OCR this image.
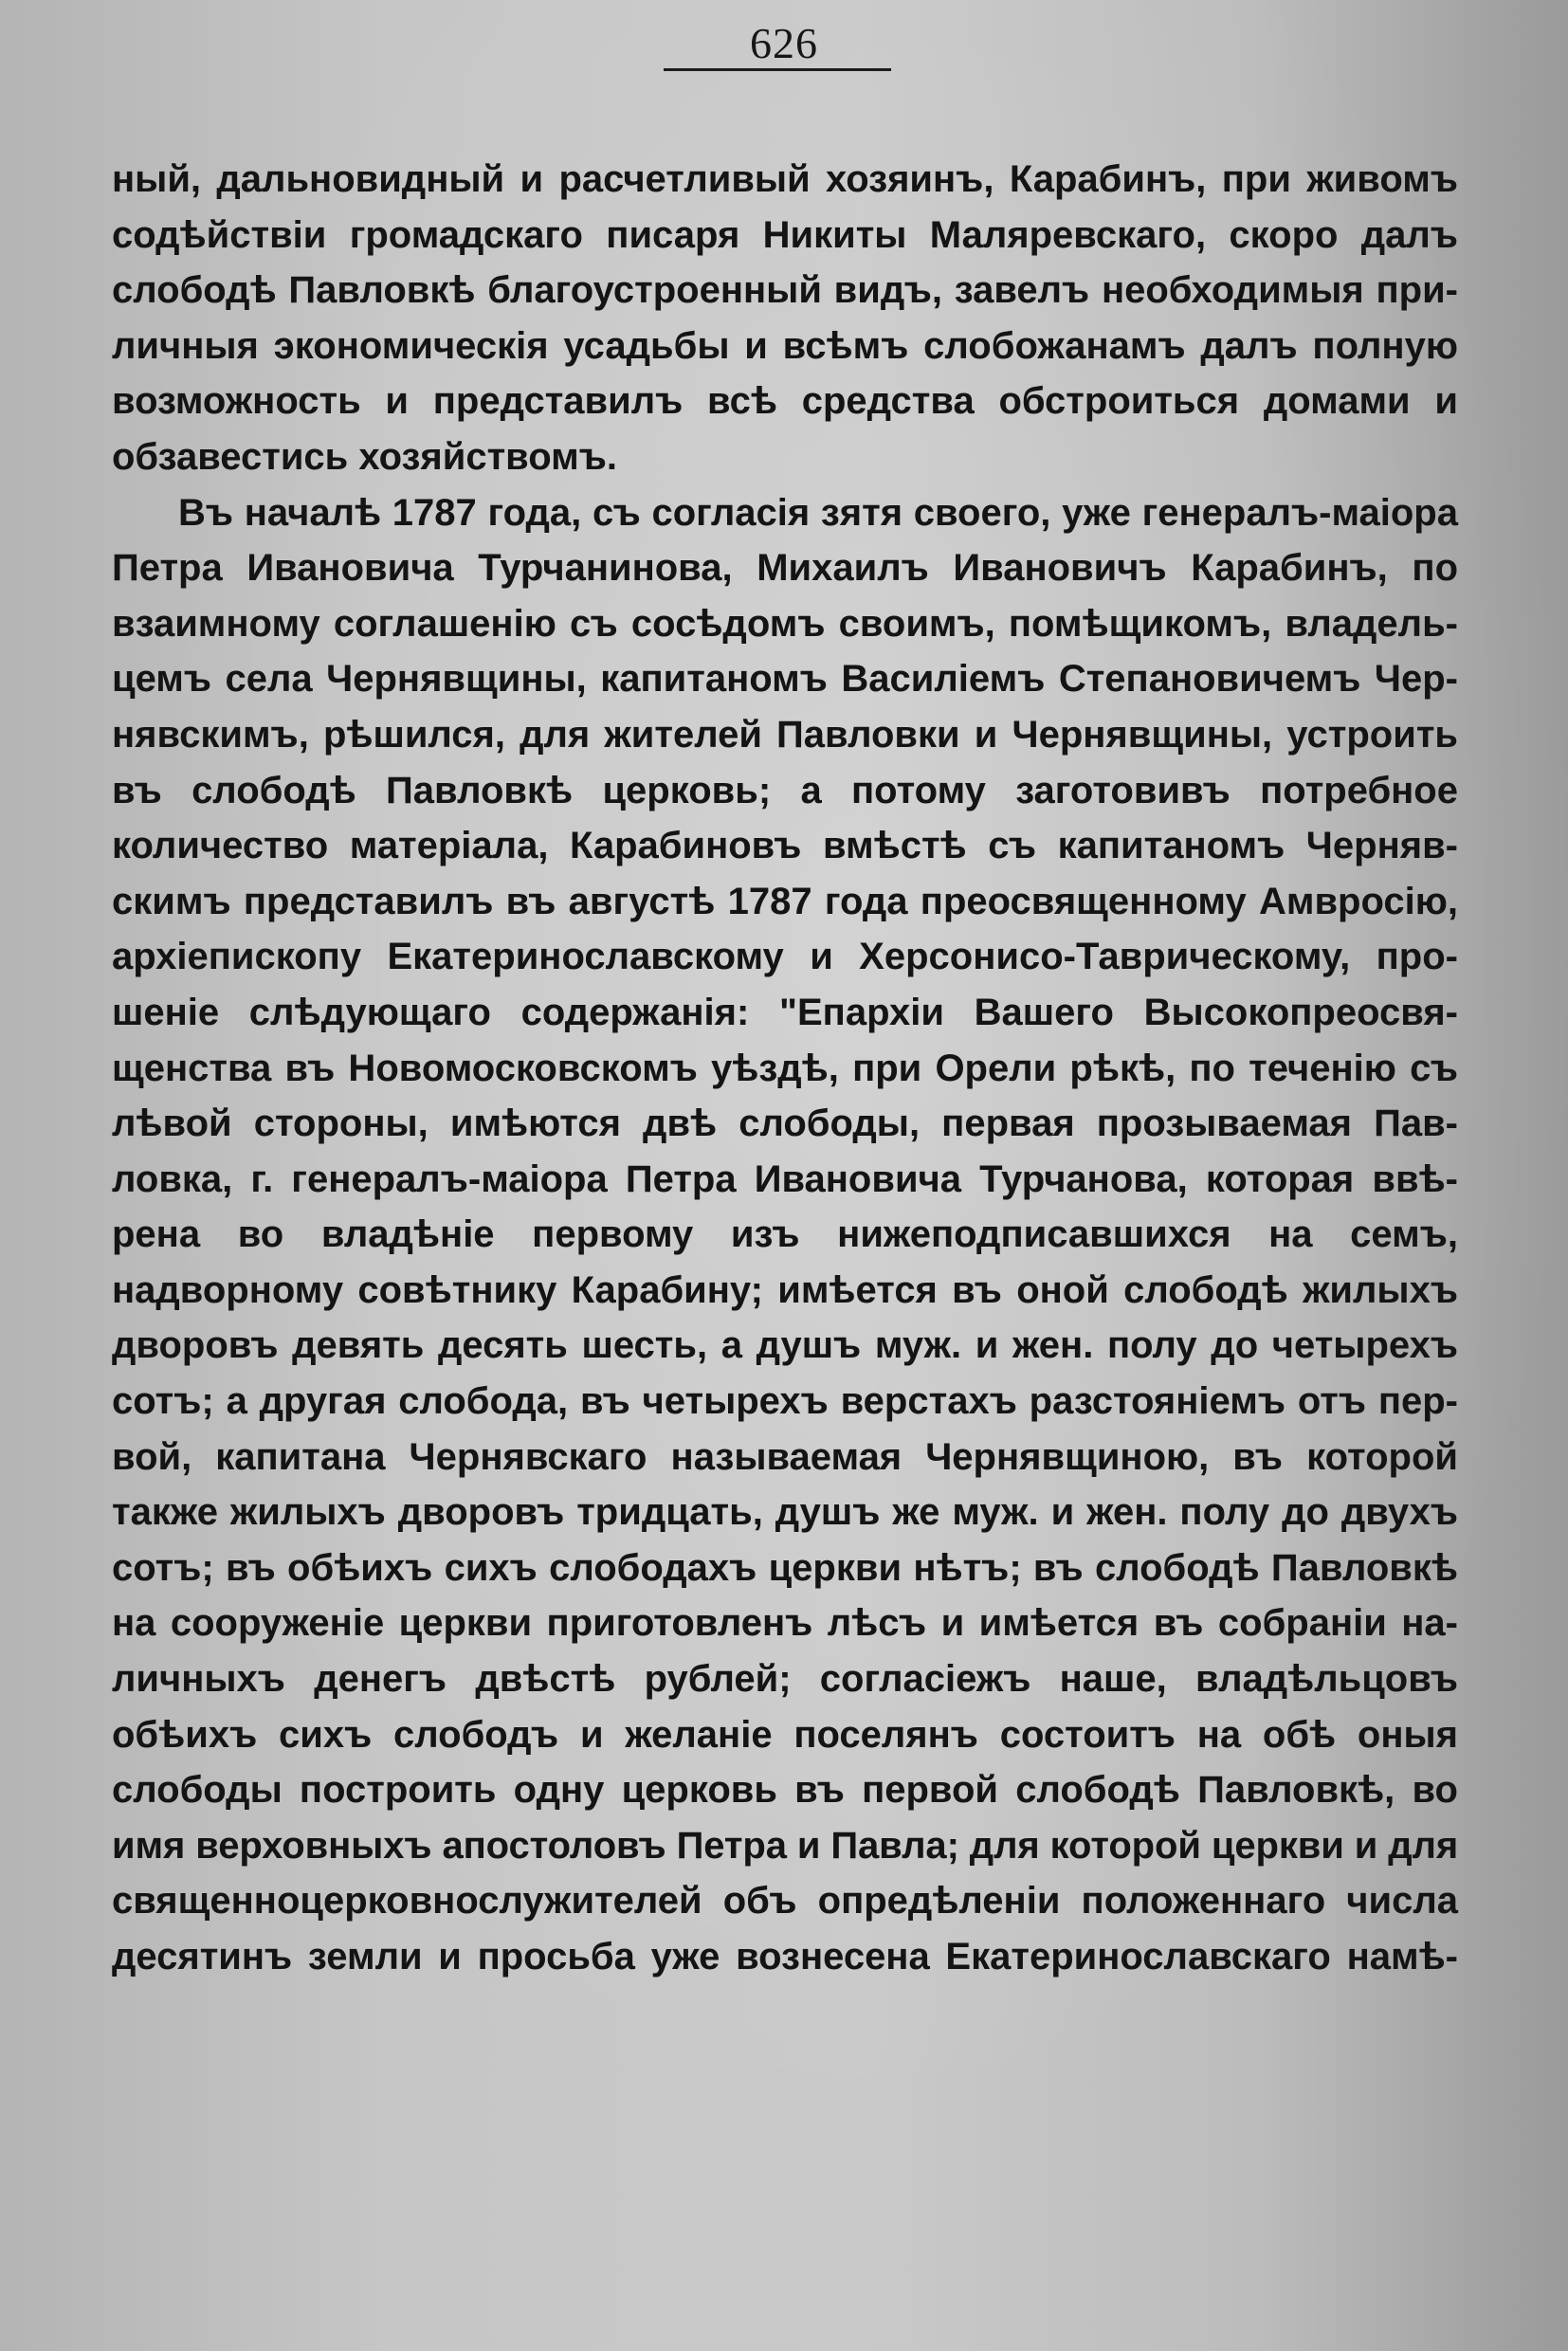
626
ный, дальновидный и расчетливый хозяинъ, Карабинъ, при живомъ
содѣйствіи громадскаго писаря Никиты Маляревскаго, скоро далъ
слободѣ Павловкѣ благоустроенный видъ, завелъ необходимыя при-
личныя экономическія усадьбы и всѣмъ слобожанамъ далъ полную
возможность и представилъ всѣ средства обстроиться домами и
обзавестись хозяйствомъ.
Въ началѣ 1787 года, съ согласія зятя своего, уже генералъ-маіора
Петра Ивановича Турчанинова, Михаилъ Ивановичъ Карабинъ, по
взаимному соглашенію съ сосѣдомъ своимъ, помѣщикомъ, владель-
цемъ села Чернявщины, капитаномъ Василіемъ Степановичемъ Чер-
нявскимъ, рѣшился, для жителей Павловки и Чернявщины, устроить
въ слободѣ Павловкѣ церковь; а потому заготовивъ потребное
количество матеріала, Карабиновъ вмѣстѣ съ капитаномъ Черняв-
скимъ представилъ въ августѣ 1787 года преосвященному Амвросію,
архіепископу Екатеринославскому и Херсонисо-Таврическому, про-
шеніе слѣдующаго содержанія: "Епархіи Вашего Высокопреосвя-
щенства въ Новомосковскомъ уѣздѣ, при Орели рѣкѣ, по теченію съ
лѣвой стороны, имѣются двѣ слободы, первая прозываемая Пав-
ловка, г. генералъ-маіора Петра Ивановича Турчанова, которая ввѣ-
рена во владѣніе первому изъ нижеподписавшихся на семъ,
надворному совѣтнику Карабину; имѣется въ оной слободѣ жилыхъ
дворовъ девять десять шесть, а душъ муж. и жен. полу до четырехъ
сотъ; а другая слобода, въ четырехъ верстахъ разстояніемъ отъ пер-
вой, капитана Чернявскаго называемая Чернявщиною, въ которой
также жилыхъ дворовъ тридцать, душъ же муж. и жен. полу до двухъ
сотъ; въ обѣихъ сихъ слободахъ церкви нѣтъ; въ слободѣ Павловкѣ
на сооруженіе церкви приготовленъ лѣсъ и имѣется въ собраніи на-
личныхъ денегъ двѣстѣ рублей; согласіежъ наше, владѣльцовъ
обѣихъ сихъ слободъ и желаніе поселянъ состоитъ на обѣ оныя
слободы построить одну церковь въ первой слободѣ Павловкѣ, во
имя верховныхъ апостоловъ Петра и Павла; для которой церкви и для
священноцерковнослужителей объ опредѣленіи положеннаго числа
десятинъ земли и просьба уже вознесена Екатеринославскаго намѣ-
